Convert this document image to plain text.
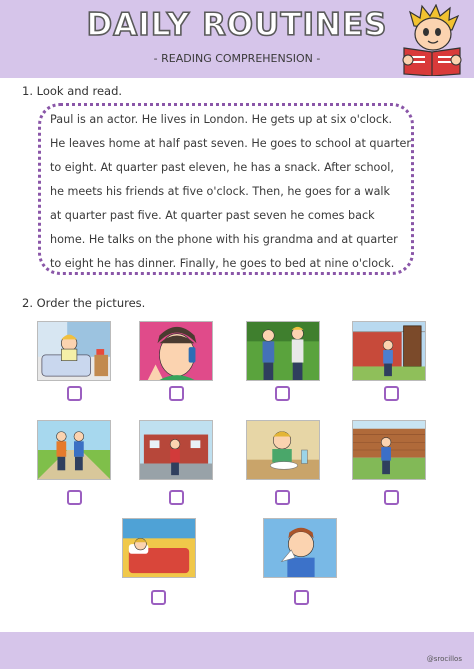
DAILY ROUTINES
- READING COMPREHENSION -
1. Look and read.
Paul is an actor. He lives in London. He gets up at six o'clock.
He leaves home at half past seven. He goes to school at quarter
to eight. At quarter past eleven, he has a snack. After school,
he meets his friends at five o'clock. Then, he goes for a walk
at quarter past five. At quarter past seven he comes back
home. He talks on the phone with his grandma and at quarter
to eight he has dinner. Finally, he goes to bed at nine o'clock.
2. Order the pictures.
@srocillos
